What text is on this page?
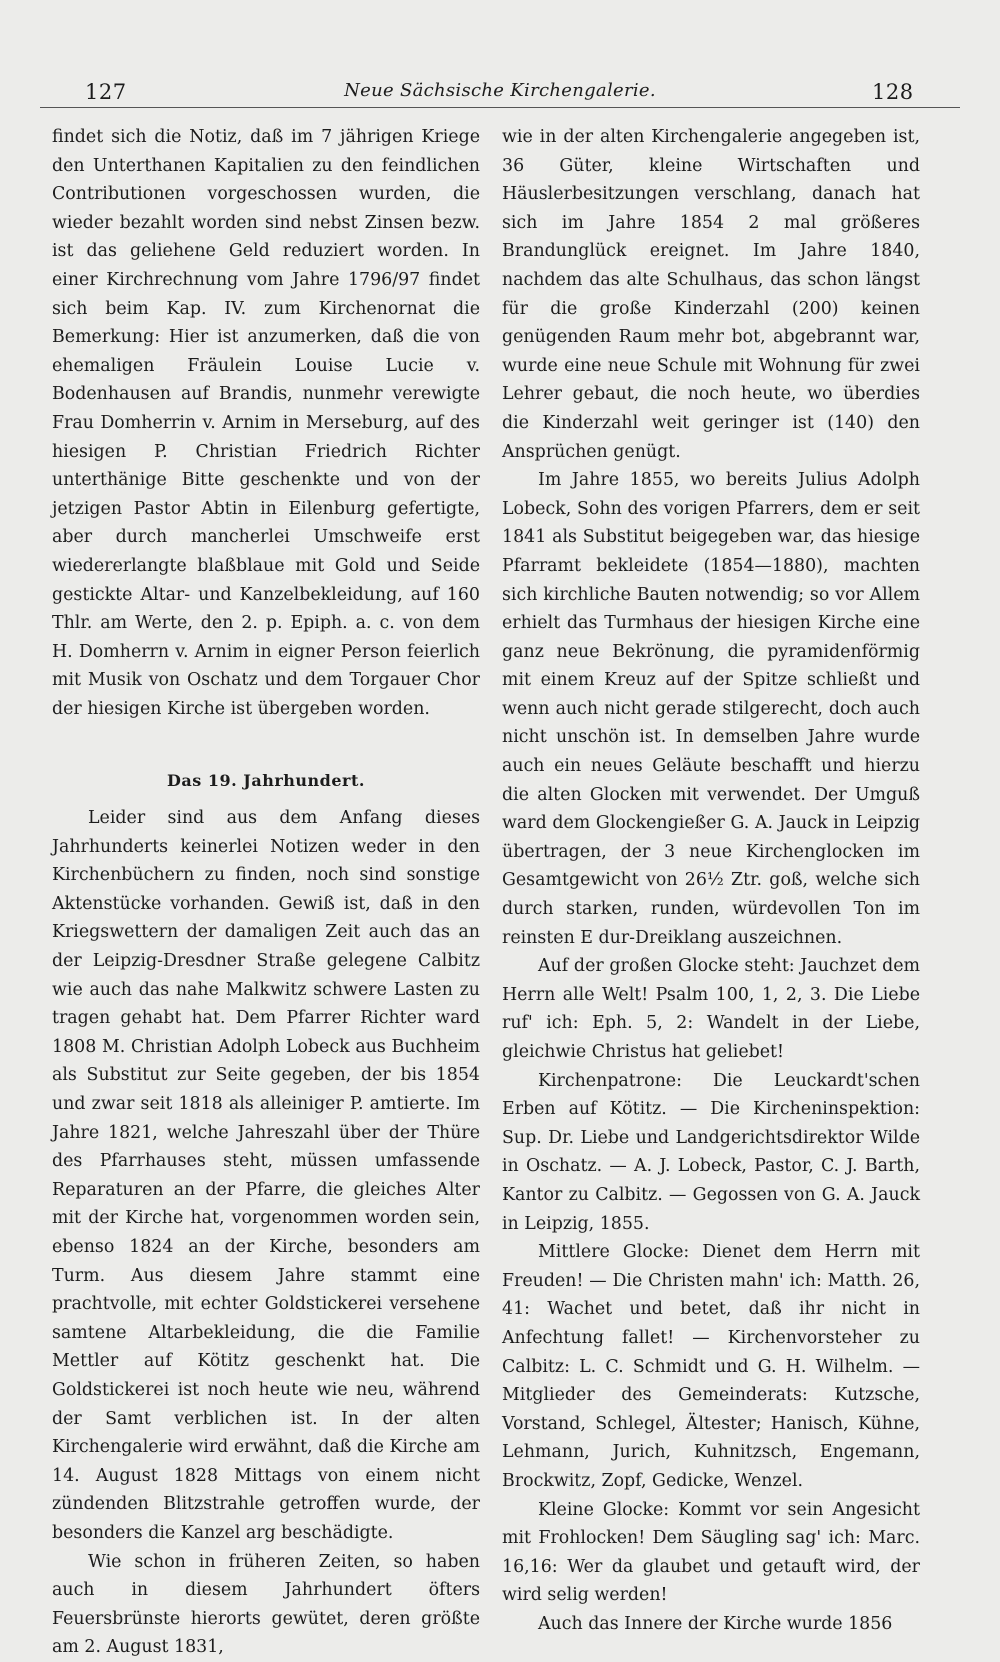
127	Neue Sächsische Kirchengalerie.	128

findet sich die Notiz, daß im 7 jährigen Kriege den Unterthanen Kapitalien zu den feindlichen Contributionen vorgeschossen wurden, die wieder bezahlt worden sind nebst Zinsen bezw. ist das geliehene Geld reduziert worden. In einer Kirchrechnung vom Jahre 1796/97 findet sich beim Kap. IV. zum Kirchenornat die Bemerkung: Hier ist anzumerken, daß die von ehemaligen Fräulein Louise Lucie v. Bodenhausen auf Brandis, nunmehr verewigte Frau Domherrin v. Arnim in Merseburg, auf des hiesigen P. Christian Friedrich Richter unterthänige Bitte geschenkte und von der jetzigen Pastor Abtin in Eilenburg gefertigte, aber durch mancherlei Umschweife erst wiedererlangte blaßblaue mit Gold und Seide gestickte Altar- und Kanzelbekleidung, auf 160 Thlr. am Werte, den 2. p. Epiph. a. c. von dem H. Domherrn v. Arnim in eigner Person feierlich mit Musik von Oschatz und dem Torgauer Chor der hiesigen Kirche ist übergeben worden.

Das 19. Jahrhundert.

Leider sind aus dem Anfang dieses Jahrhunderts keinerlei Notizen weder in den Kirchenbüchern zu finden, noch sind sonstige Aktenstücke vorhanden. Gewiß ist, daß in den Kriegswettern der damaligen Zeit auch das an der Leipzig-Dresdner Straße gelegene Calbitz wie auch das nahe Malkwitz schwere Lasten zu tragen gehabt hat. Dem Pfarrer Richter ward 1808 M. Christian Adolph Lobeck aus Buchheim als Substitut zur Seite gegeben, der bis 1854 und zwar seit 1818 als alleiniger P. amtierte. Im Jahre 1821, welche Jahreszahl über der Thüre des Pfarrhauses steht, müssen umfassende Reparaturen an der Pfarre, die gleiches Alter mit der Kirche hat, vorgenommen worden sein, ebenso 1824 an der Kirche, besonders am Turm. Aus diesem Jahre stammt eine prachtvolle, mit echter Goldstickerei versehene samtene Altarbekleidung, die die Familie Mettler auf Kötitz geschenkt hat. Die Goldstickerei ist noch heute wie neu, während der Samt verblichen ist. In der alten Kirchengalerie wird erwähnt, daß die Kirche am 14. August 1828 Mittags von einem nicht zündenden Blitzstrahle getroffen wurde, der besonders die Kanzel arg beschädigte.

Wie schon in früheren Zeiten, so haben auch in diesem Jahrhundert öfters Feuersbrünste hierorts gewütet, deren größte am 2. August 1831,

wie in der alten Kirchengalerie angegeben ist, 36 Güter, kleine Wirtschaften und Häuslerbesitzungen verschlang, danach hat sich im Jahre 1854 2 mal größeres Brandunglück ereignet. Im Jahre 1840, nachdem das alte Schulhaus, das schon längst für die große Kinderzahl (200) keinen genügenden Raum mehr bot, abgebrannt war, wurde eine neue Schule mit Wohnung für zwei Lehrer gebaut, die noch heute, wo überdies die Kinderzahl weit geringer ist (140) den Ansprüchen genügt.

Im Jahre 1855, wo bereits Julius Adolph Lobeck, Sohn des vorigen Pfarrers, dem er seit 1841 als Substitut beigegeben war, das hiesige Pfarramt bekleidete (1854—1880), machten sich kirchliche Bauten notwendig; so vor Allem erhielt das Turmhaus der hiesigen Kirche eine ganz neue Bekrönung, die pyramidenförmig mit einem Kreuz auf der Spitze schließt und wenn auch nicht gerade stilgerecht, doch auch nicht unschön ist. In demselben Jahre wurde auch ein neues Geläute beschafft und hierzu die alten Glocken mit verwendet. Der Umguß ward dem Glockengießer G. A. Jauck in Leipzig übertragen, der 3 neue Kirchenglocken im Gesamtgewicht von 26½ Ztr. goß, welche sich durch starken, runden, würdevollen Ton im reinsten E dur-Dreiklang auszeichnen.

Auf der großen Glocke steht: Jauchzet dem Herrn alle Welt! Psalm 100, 1, 2, 3. Die Liebe ruf' ich: Eph. 5, 2: Wandelt in der Liebe, gleichwie Christus hat geliebet!

Kirchenpatrone: Die Leuckardt'schen Erben auf Kötitz. — Die Kircheninspektion: Sup. Dr. Liebe und Landgerichtsdirektor Wilde in Oschatz. — A. J. Lobeck, Pastor, C. J. Barth, Kantor zu Calbitz. — Gegossen von G. A. Jauck in Leipzig, 1855.

Mittlere Glocke: Dienet dem Herrn mit Freuden! — Die Christen mahn' ich: Matth. 26, 41: Wachet und betet, daß ihr nicht in Anfechtung fallet! — Kirchenvorsteher zu Calbitz: L. C. Schmidt und G. H. Wilhelm. — Mitglieder des Gemeinderats: Kutzsche, Vorstand, Schlegel, Ältester; Hanisch, Kühne, Lehmann, Jurich, Kuhnitzsch, Engemann, Brockwitz, Zopf, Gedicke, Wenzel.

Kleine Glocke: Kommt vor sein Angesicht mit Frohlocken! Dem Säugling sag' ich: Marc. 16,16: Wer da glaubet und getauft wird, der wird selig werden!

Auch das Innere der Kirche wurde 1856
